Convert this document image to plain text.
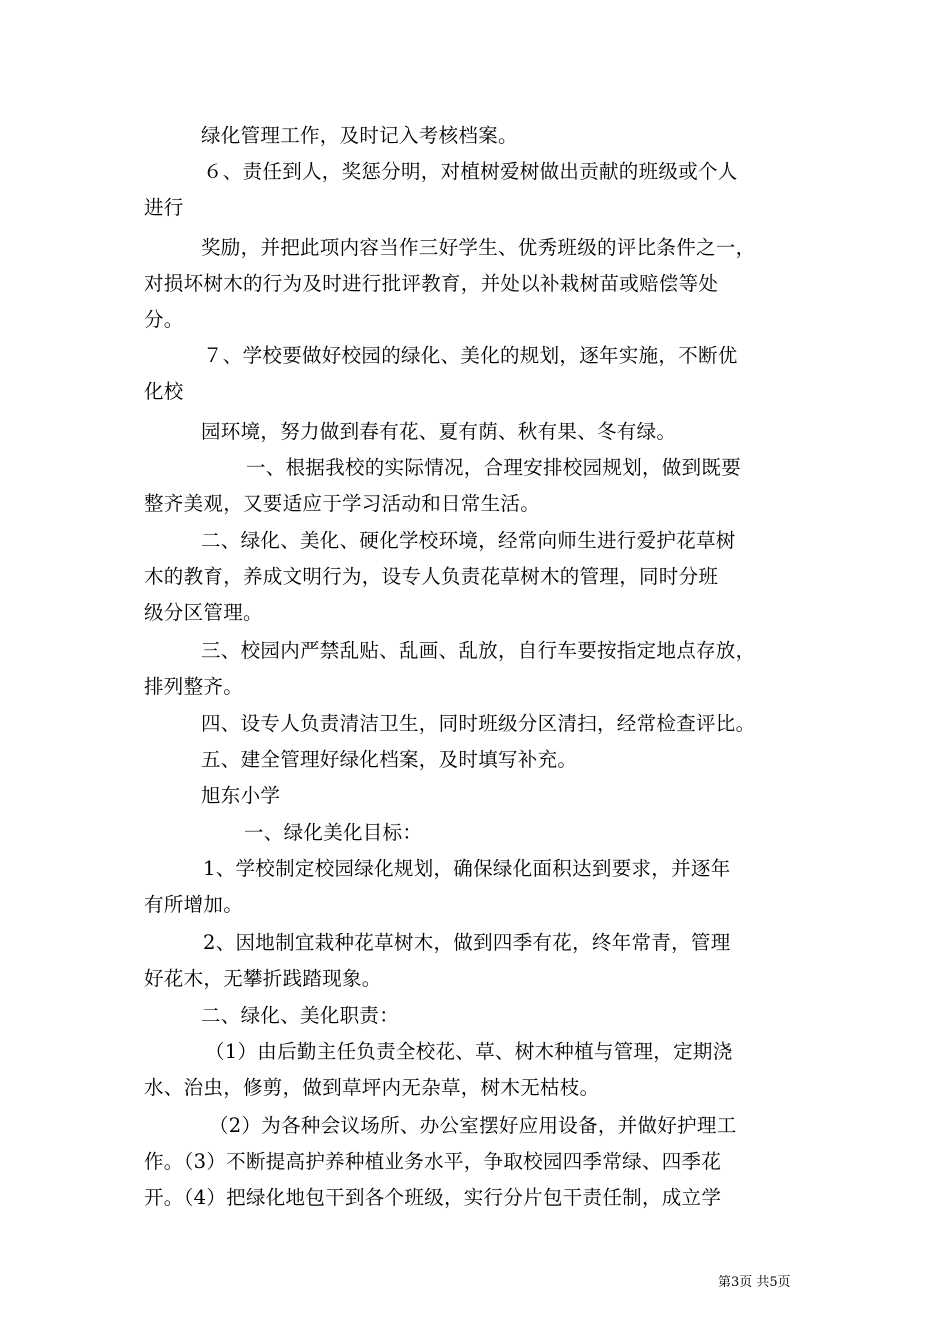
绿化管理工作，及时记入考核档案。
６、责任到人，奖惩分明，对植树爱树做出贡献的班级或个人
进行
奖励，并把此项内容当作三好学生、优秀班级的评比条件之一，
对损坏树木的行为及时进行批评教育，并处以补栽树苗或赔偿等处
分。
７、学校要做好校园的绿化、美化的规划，逐年实施，不断优
化校
园环境，努力做到春有花、夏有荫、秋有果、冬有绿。
一、根据我校的实际情况，合理安排校园规划，做到既要
整齐美观，又要适应于学习活动和日常生活。
二、绿化、美化、硬化学校环境，经常向师生进行爱护花草树
木的教育，养成文明行为，设专人负责花草树木的管理，同时分班
级分区管理。
三、校园内严禁乱贴、乱画、乱放，自行车要按指定地点存放，
排列整齐。
四、设专人负责清洁卫生，同时班级分区清扫，经常检查评比。
五、建全管理好绿化档案，及时填写补充。
旭东小学
一、绿化美化目标：
1、学校制定校园绿化规划，确保绿化面积达到要求，并逐年
有所增加。
2、因地制宜栽种花草树木，做到四季有花，终年常青，管理
好花木，无攀折践踏现象。
二、绿化、美化职责：
（1）由后勤主任负责全校花、草、树木种植与管理，定期浇
水、治虫，修剪，做到草坪内无杂草，树木无枯枝。
（2）为各种会议场所、办公室摆好应用设备，并做好护理工
作。（3）不断提高护养种植业务水平，争取校园四季常绿、四季花
开。（4）把绿化地包干到各个班级，实行分片包干责任制，成立学
第3页 共5页
